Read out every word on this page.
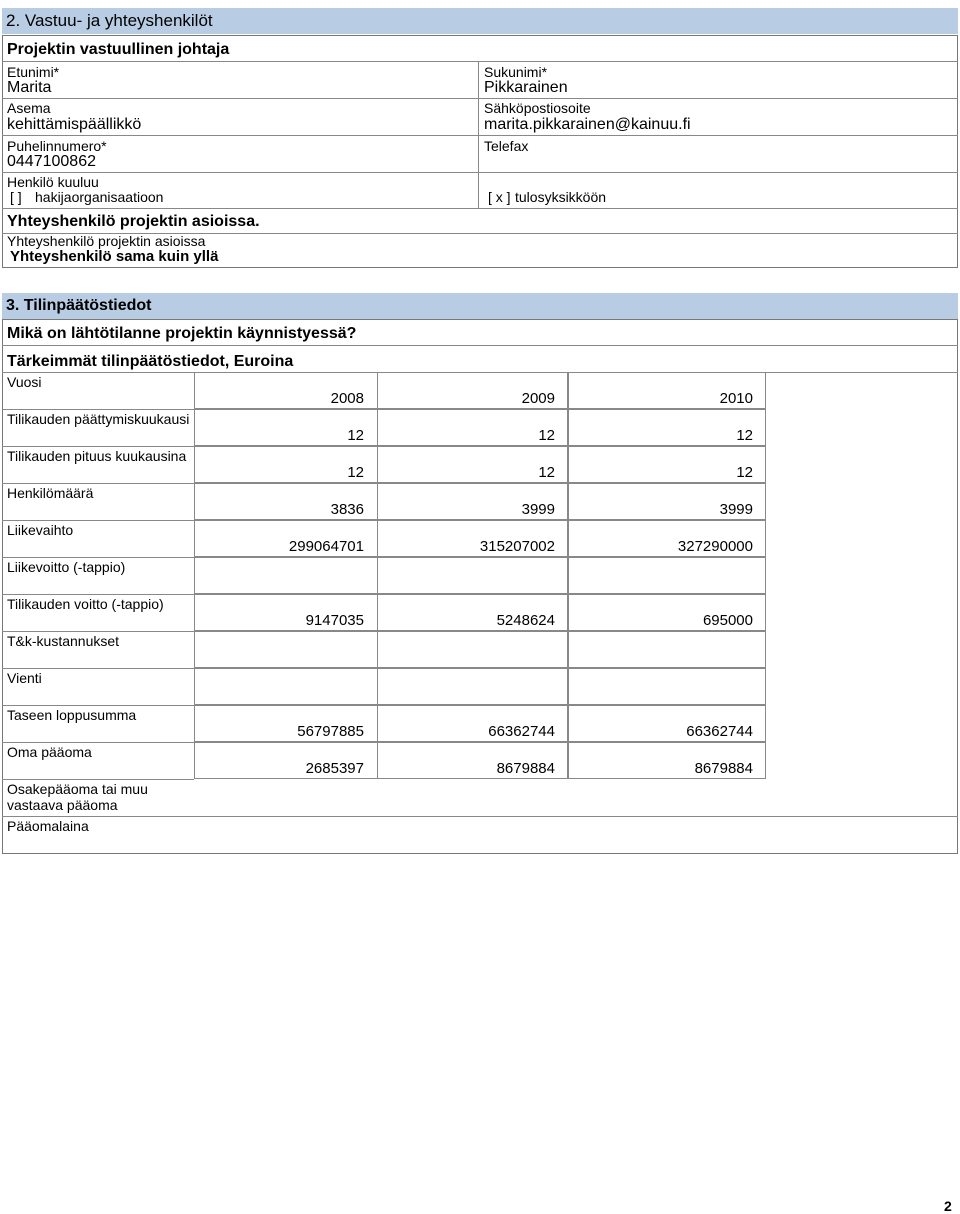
2. Vastuu- ja yhteyshenkilöt
Projektin vastuullinen johtaja
Etunimi*
Marita
Sukunimi*
Pikkarainen
Asema
kehittämispäällikkö
Sähköpostiosoite
marita.pikkarainen@kainuu.fi
Puhelinnumero*
0447100862
Telefax
Henkilö kuuluu
[ ] hakijaorganisaatioon	[ x ] tulosyksikköön
Yhteyshenkilö projektin asioissa.
Yhteyshenkilö projektin asioissa
Yhteyshenkilö sama kuin yllä
3. Tilinpäätöstiedot
Mikä on lähtötilanne projektin käynnistyessä?
Tärkeimmät tilinpäätöstiedot, Euroina
Vuosi
2008	2009	2010
Tilikauden päättymiskuukausi
12	12	12
Tilikauden pituus kuukausina
12	12	12
Henkilömäärä
3836	3999	3999
Liikevaihto
299064701	315207002	327290000
Liikevoitto (-tappio)
Tilikauden voitto (-tappio)
9147035	5248624	695000
T&k-kustannukset
Vienti
Taseen loppusumma
56797885	66362744	66362744
Oma pääoma
2685397	8679884	8679884
Osakepääoma tai muu
vastaava pääoma
Pääomalaina
2
